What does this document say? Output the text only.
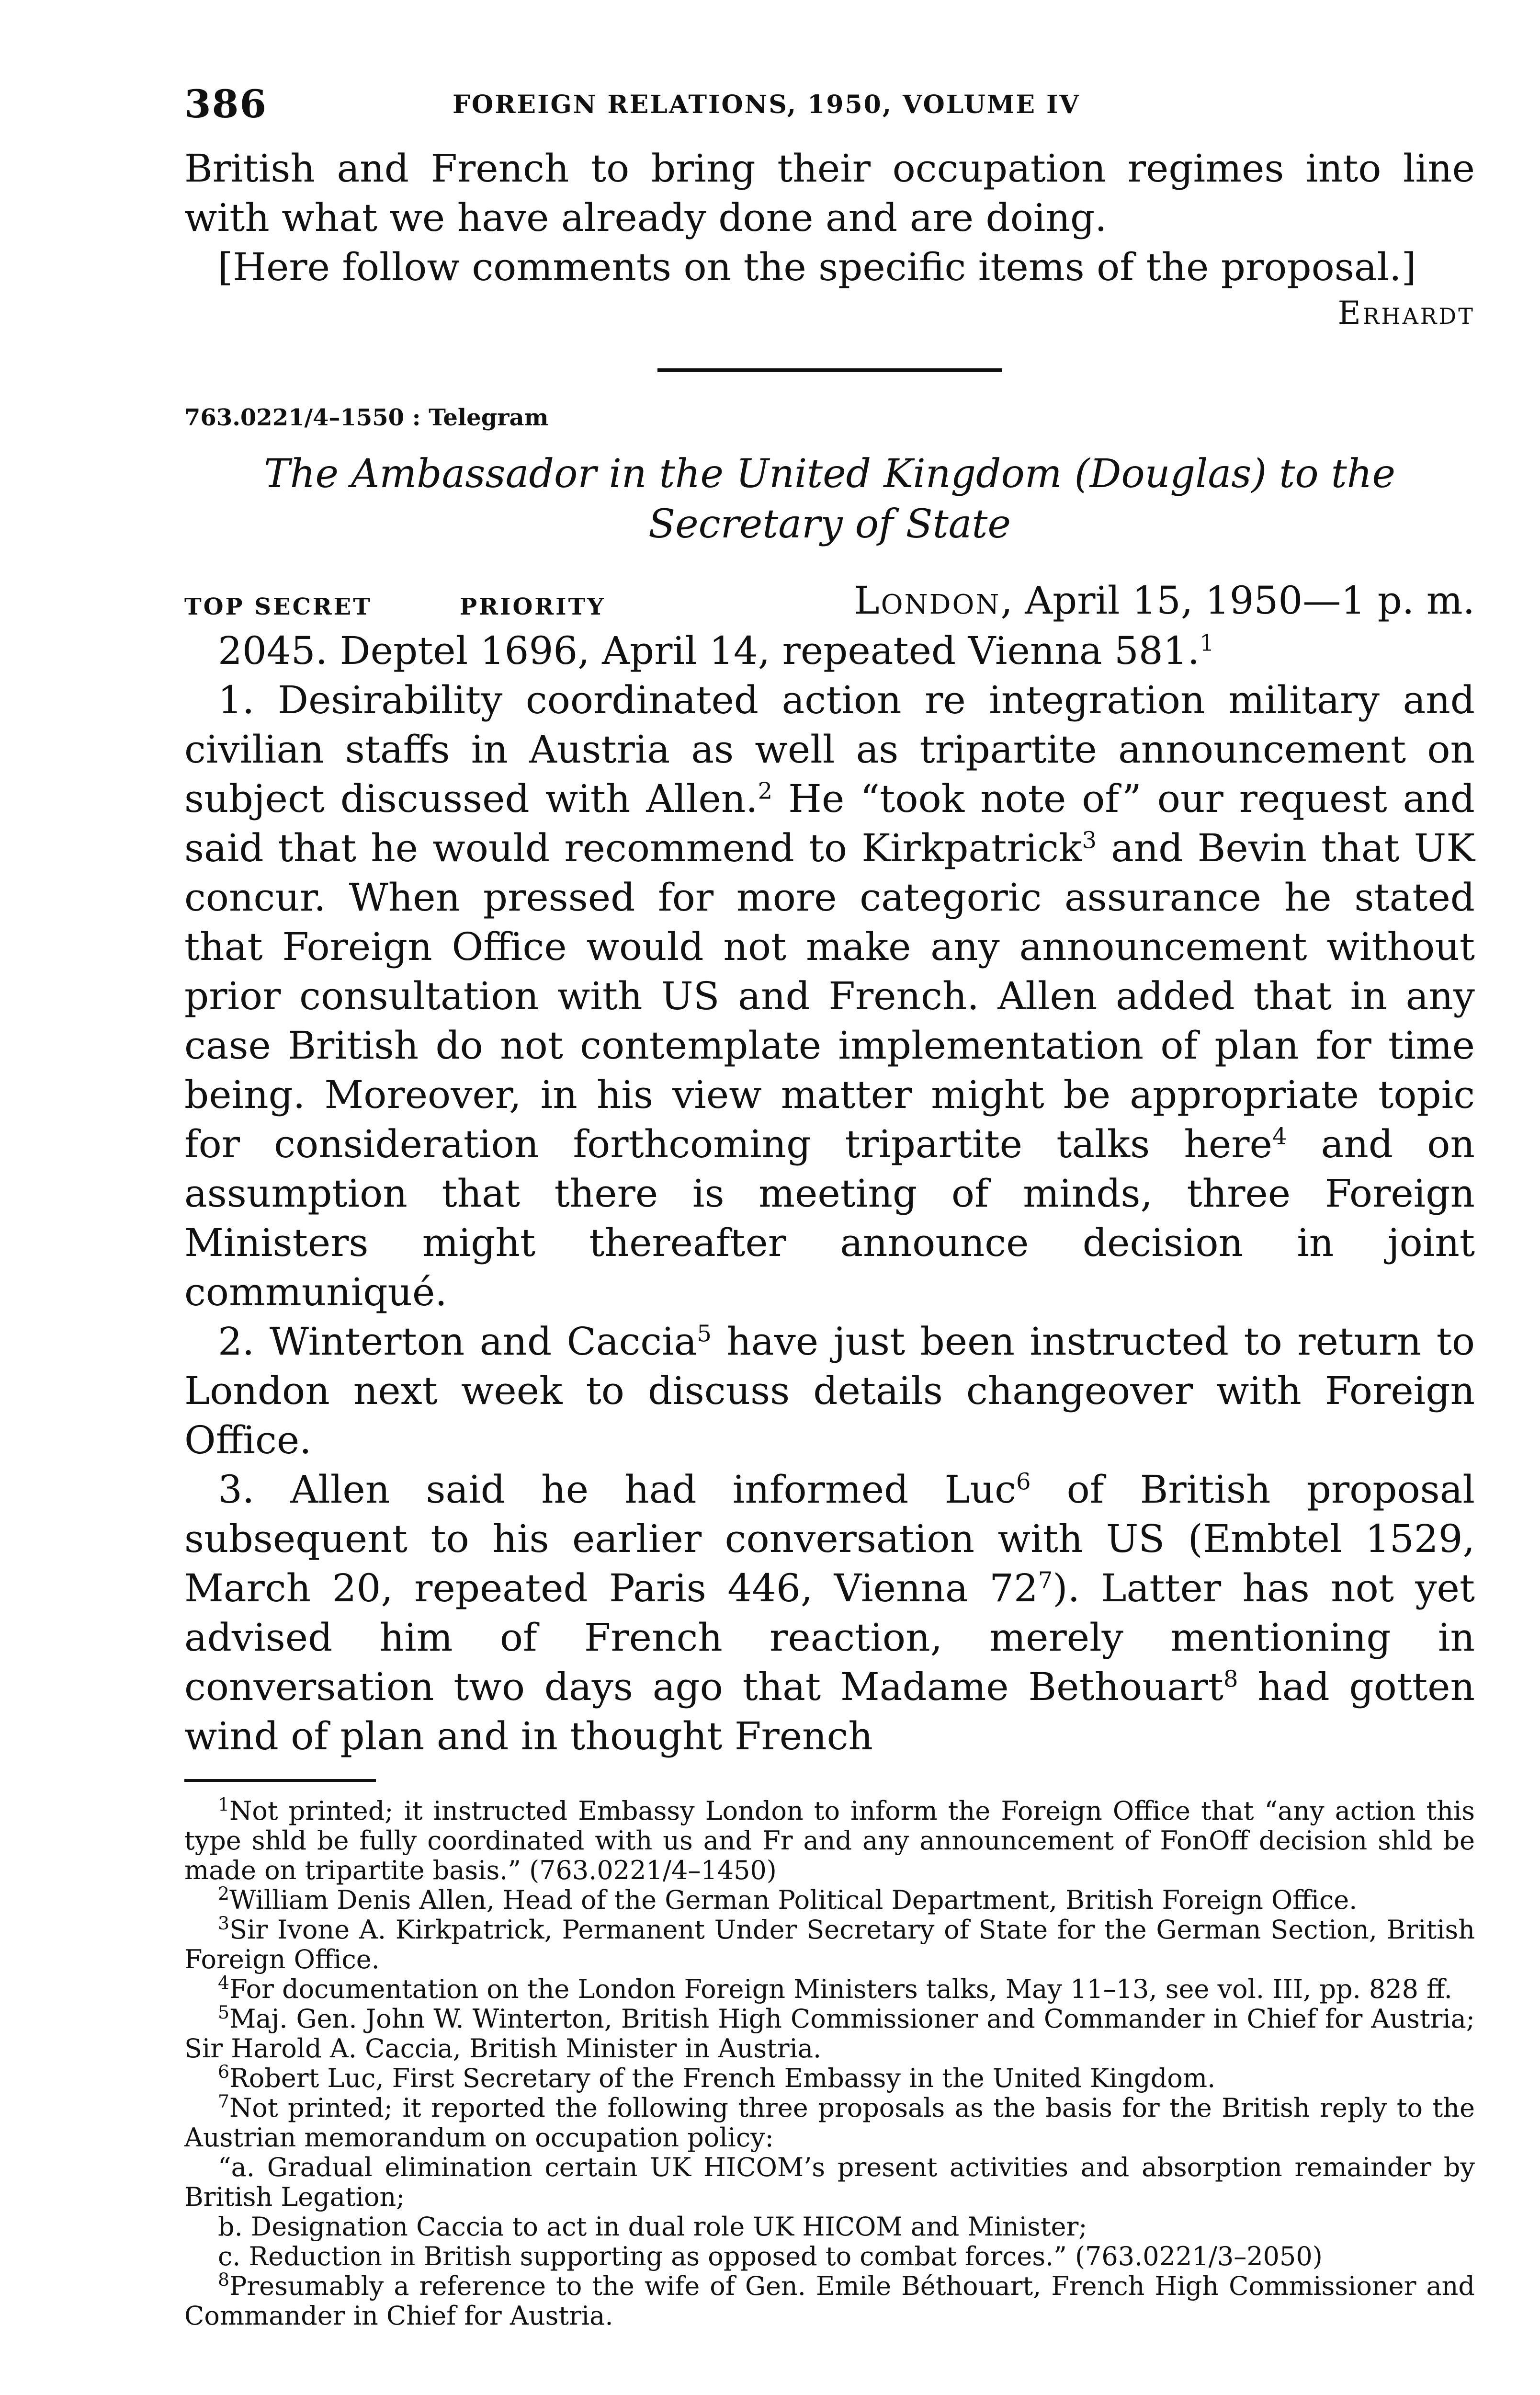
386	FOREIGN RELATIONS, 1950, VOLUME IV

British and French to bring their occupation regimes into line with what we have already done and are doing.

[Here follow comments on the specific items of the proposal.]

Erhardt
763.0221/4–1550 : Telegram
The Ambassador in the United Kingdom (Douglas) to the Secretary of State
TOP SECRET	PRIORITY	London, April 15, 1950—1 p. m.

2045. Deptel 1696, April 14, repeated Vienna 581.$^1$

1. Desirability coordinated action re integration military and civilian staffs in Austria as well as tripartite announcement on subject discussed with Allen.$^2$ He “took note of” our request and said that he would recommend to Kirkpatrick$^3$ and Bevin that UK concur. When pressed for more categoric assurance he stated that Foreign Office would not make any announcement without prior consultation with US and French. Allen added that in any case British do not contemplate implementation of plan for time being. Moreover, in his view matter might be appropriate topic for consideration forthcoming tripartite talks here$^4$ and on assumption that there is meeting of minds, three Foreign Ministers might thereafter announce decision in joint communiqué.

2. Winterton and Caccia$^5$ have just been instructed to return to London next week to discuss details changeover with Foreign Office.

3. Allen said he had informed Luc$^6$ of British proposal subsequent to his earlier conversation with US (Embtel 1529, March 20, repeated Paris 446, Vienna $72^7$). Latter has not yet advised him of French reaction, merely mentioning in conversation two days ago that Madame Bethouart$^8$ had gotten wind of plan and in thought French

$^1$Not printed; it instructed Embassy London to inform the Foreign Office that “any action this type shld be fully coordinated with us and Fr and any announcement of FonOff decision shld be made on tripartite basis.” (763.0221/4–1450)

$^2$William Denis Allen, Head of the German Political Department, British Foreign Office.

$^3$Sir Ivone A. Kirkpatrick, Permanent Under Secretary of State for the German Section, British Foreign Office.

$^4$For documentation on the London Foreign Ministers talks, May 11–13, see vol. III, pp. 828 ff.

$^5$Maj. Gen. John W. Winterton, British High Commissioner and Commander in Chief for Austria; Sir Harold A. Caccia, British Minister in Austria.

$^6$Robert Luc, First Secretary of the French Embassy in the United Kingdom.

$^7$Not printed; it reported the following three proposals as the basis for the British reply to the Austrian memorandum on occupation policy:

“a. Gradual elimination certain UK HICOM’s present activities and absorption remainder by British Legation;

b. Designation Caccia to act in dual role UK HICOM and Minister;

c. Reduction in British supporting as opposed to combat forces.” (763.0221/3–2050)

$^8$Presumably a reference to the wife of Gen. Emile Béthouart, French High Commissioner and Commander in Chief for Austria.
